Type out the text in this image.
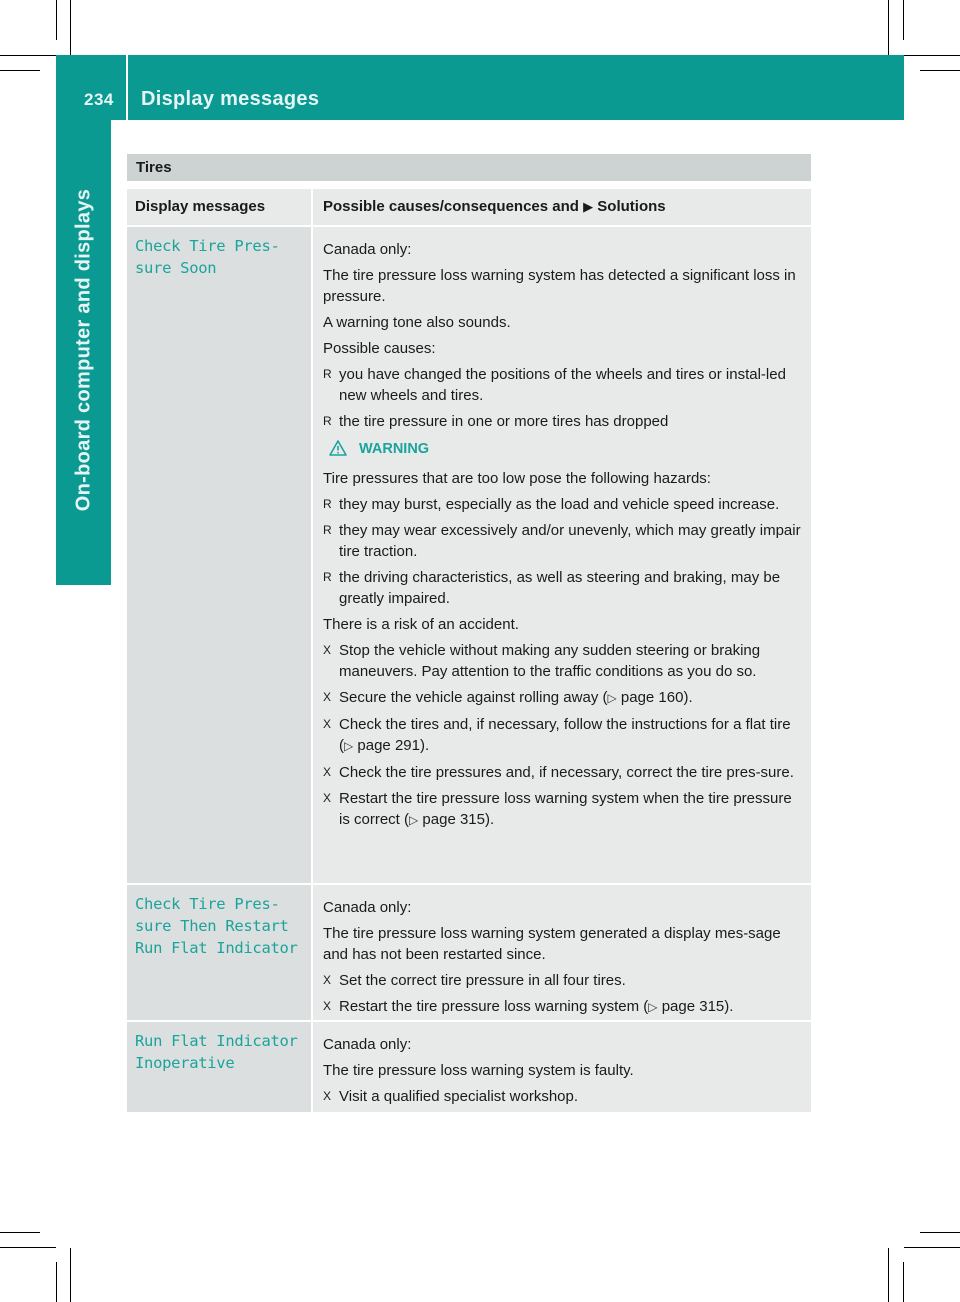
234 Display messages
On-board computer and displays
Tires
Display messages	Possible causes/consequences and ▶ Solutions
Check Tire Pres‐
sure Soon
Canada only:
The tire pressure loss warning system has detected a significant loss in pressure.
A warning tone also sounds.
Possible causes:
R you have changed the positions of the wheels and tires or instal-led new wheels and tires.
R the tire pressure in one or more tires has dropped
WARNING
Tire pressures that are too low pose the following hazards:
R they may burst, especially as the load and vehicle speed increase.
R they may wear excessively and/or unevenly, which may greatly impair tire traction.
R the driving characteristics, as well as steering and braking, may be greatly impaired.
There is a risk of an accident.
X Stop the vehicle without making any sudden steering or braking maneuvers. Pay attention to the traffic conditions as you do so.
X Secure the vehicle against rolling away (▷ page 160).
X Check the tires and, if necessary, follow the instructions for a flat tire (▷ page 291).
X Check the tire pressures and, if necessary, correct the tire pres-sure.
X Restart the tire pressure loss warning system when the tire pressure is correct (▷ page 315).
Check Tire Pres‐
sure Then Restart
Run Flat Indicator
Canada only:
The tire pressure loss warning system generated a display mes-sage and has not been restarted since.
X Set the correct tire pressure in all four tires.
X Restart the tire pressure loss warning system (▷ page 315).
Run Flat Indicator
Inoperative
Canada only:
The tire pressure loss warning system is faulty.
X Visit a qualified specialist workshop.
